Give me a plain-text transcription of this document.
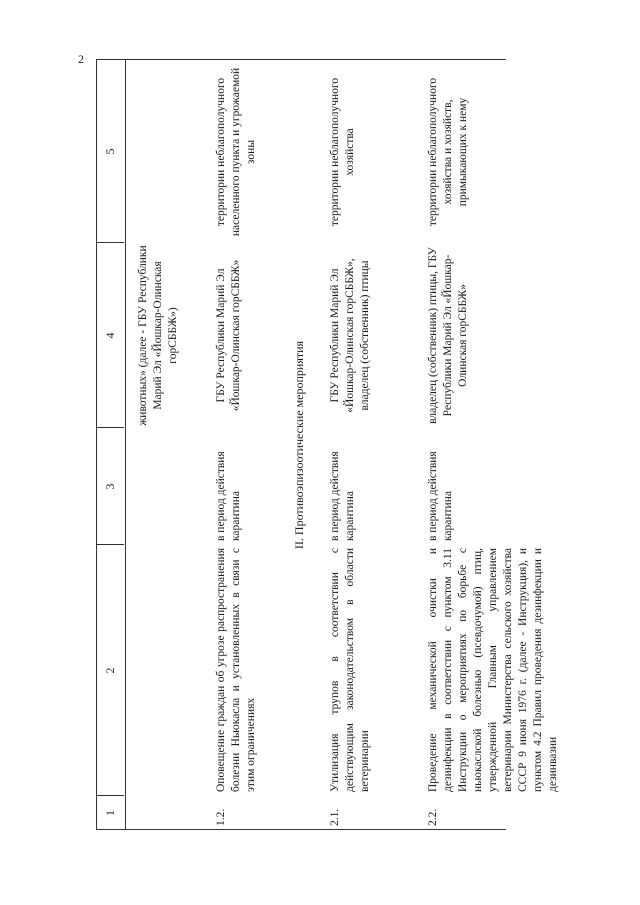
2
1
2
3
4
5
животных» (далее - ГБУ Республики Марий Эл «Йошкар-Олинская горСББЖ»)
1.2.
Оповещение граждан об угрозе распространения болезни Ньюкасла и установленных в связи с этим ограничениях
в период действия карантина
ГБУ Республики Марий Эл «Йошкар-Олинская горСББЖ»
территории неблагополучного населенного пункта и угрожаемой зоны
II. Противоэпизоотические мероприятия
2.1.
Утилизация трупов в соответствии с действующим законодательством в области ветеринарии
в период действия карантина
ГБУ Республики Марий Эл «Йошкар-Олинская горСББЖ», владелец (собственник) птицы
территории неблагополучного хозяйства
2.2.
Проведение механической очистки и дезинфекции в соответствии с пунктом 3.11 Инструкции о мероприятиях по борьбе с ньюкаслской болезнью (псевдочумой) птиц, утвержденной Главным управлением ветеринарии Министерства сельского хозяйства СССР 9 июня 1976 г. (далее - Инструкция), и пунктом 4.2 Правил проведения дезинфекции и дезинвазии
в период действия карантина
владелец (собственник) птицы, ГБУ Республики Марий Эл «Йошкар-Олинская горСББЖ»
территории неблагополучного хозяйства и хозяйств, примыкающих к нему
